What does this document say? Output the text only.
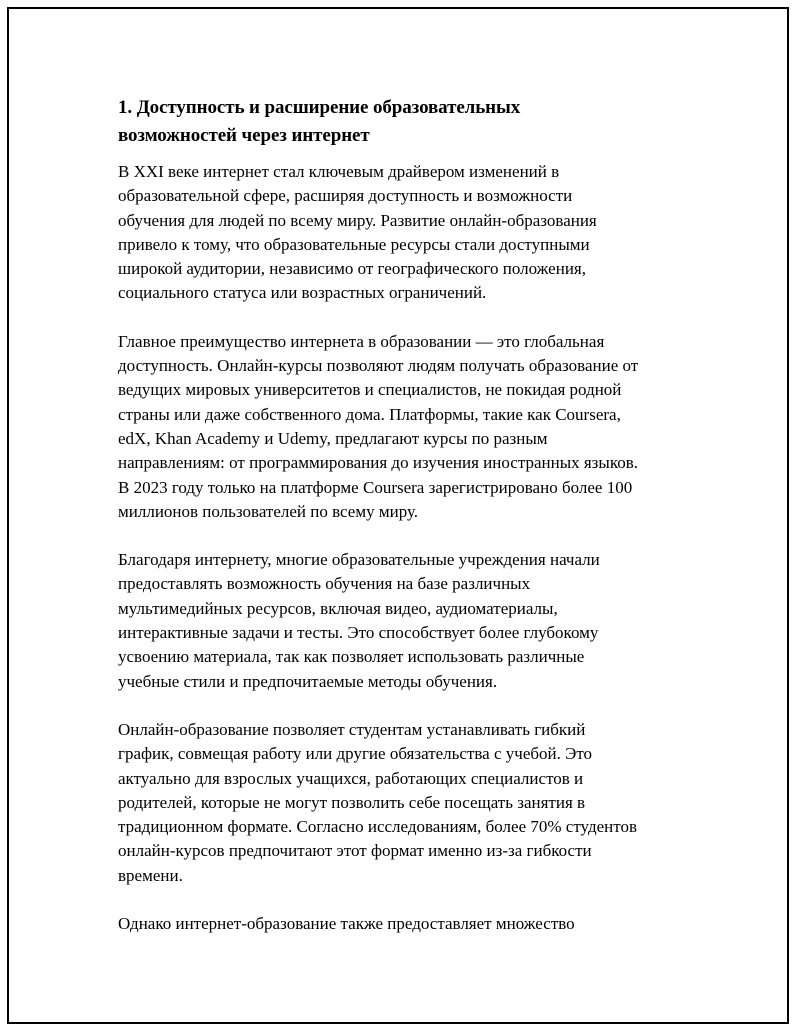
1. Доступность и расширение образовательных
возможностей через интернет

В XXI веке интернет стал ключевым драйвером изменений в
образовательной сфере, расширяя доступность и возможности
обучения для людей по всему миру. Развитие онлайн-образования
привело к тому, что образовательные ресурсы стали доступными
широкой аудитории, независимо от географического положения,
социального статуса или возрастных ограничений.

Главное преимущество интернета в образовании — это глобальная
доступность. Онлайн-курсы позволяют людям получать образование от
ведущих мировых университетов и специалистов, не покидая родной
страны или даже собственного дома. Платформы, такие как Coursera,
edX, Khan Academy и Udemy, предлагают курсы по разным
направлениям: от программирования до изучения иностранных языков.
В 2023 году только на платформе Coursera зарегистрировано более 100
миллионов пользователей по всему миру.

Благодаря интернету, многие образовательные учреждения начали
предоставлять возможность обучения на базе различных
мультимедийных ресурсов, включая видео, аудиоматериалы,
интерактивные задачи и тесты. Это способствует более глубокому
усвоению материала, так как позволяет использовать различные
учебные стили и предпочитаемые методы обучения.

Онлайн-образование позволяет студентам устанавливать гибкий
график, совмещая работу или другие обязательства с учебой. Это
актуально для взрослых учащихся, работающих специалистов и
родителей, которые не могут позволить себе посещать занятия в
традиционном формате. Согласно исследованиям, более 70% студентов
онлайн-курсов предпочитают этот формат именно из-за гибкости
времени.

Однако интернет-образование также предоставляет множество
